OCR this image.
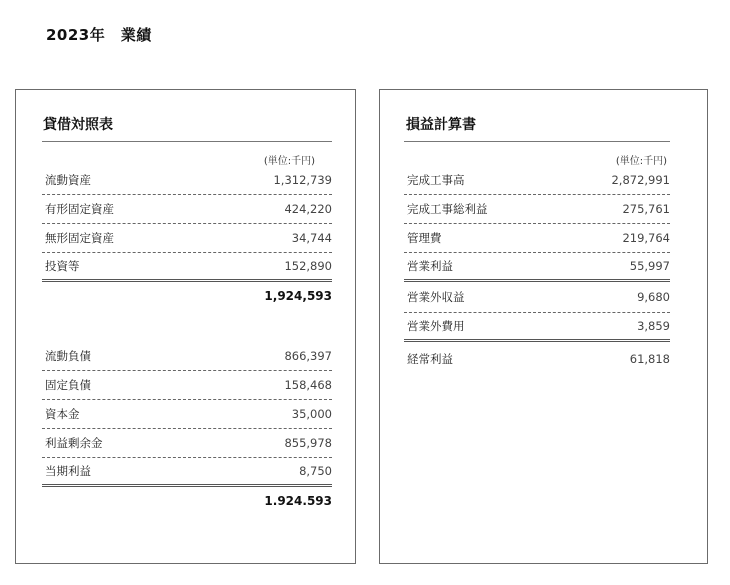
2023年　業績
貸借対照表
(単位:千円)
流動資産	1,312,739
有形固定資産	424,220
無形固定資産	34,744
投資等	152,890
1,924,593
流動負債	866,397
固定負債	158,468
資本金	35,000
利益剰余金	855,978
当期利益	8,750
1.924.593
損益計算書
(単位:千円)
完成工事高	2,872,991
完成工事総利益	275,761
管理費	219,764
営業利益	55,997
営業外収益	9,680
営業外費用	3,859
経常利益	61,818
